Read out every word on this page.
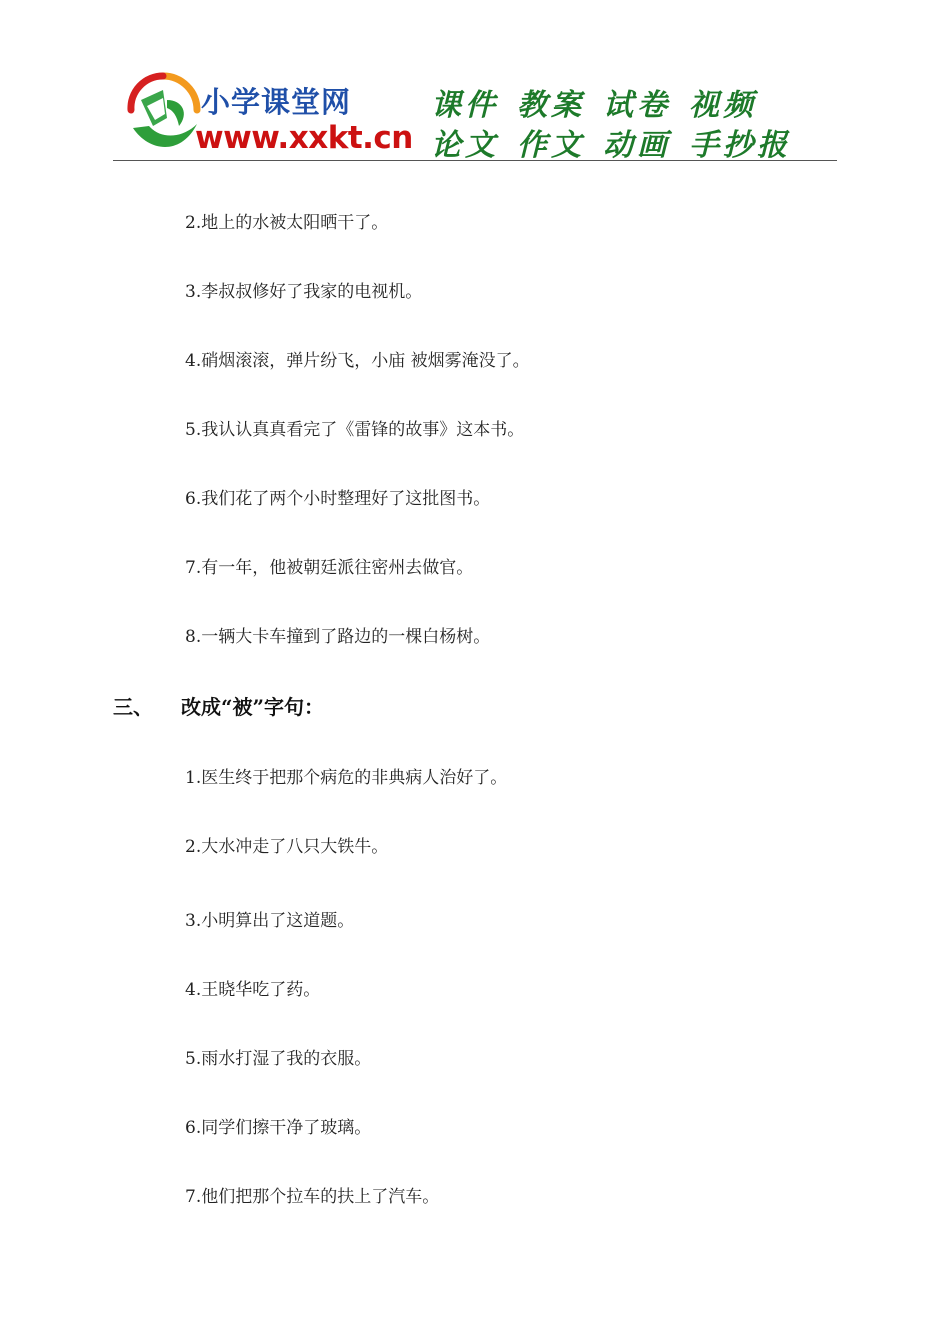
小学课堂网
www.xxkt.cn
课件 教案 试卷 视频
论文 作文 动画 手抄报
2.地上的水被太阳晒干了。
3.李叔叔修好了我家的电视机。
4.硝烟滚滚，弹片纷飞，小庙 被烟雾淹没了。
5.我认认真真看完了《雷锋的故事》这本书。
6.我们花了两个小时整理好了这批图书。
7.有一年，他被朝廷派往密州去做官。
8.一辆大卡车撞到了路边的一棵白杨树。
三、 改成“被”字句：
1.医生终于把那个病危的非典病人治好了。
2.大水冲走了八只大铁牛。
3.小明算出了这道题。
4.王晓华吃了药。
5.雨水打湿了我的衣服。
6.同学们擦干净了玻璃。
7.他们把那个拉车的扶上了汽车。
